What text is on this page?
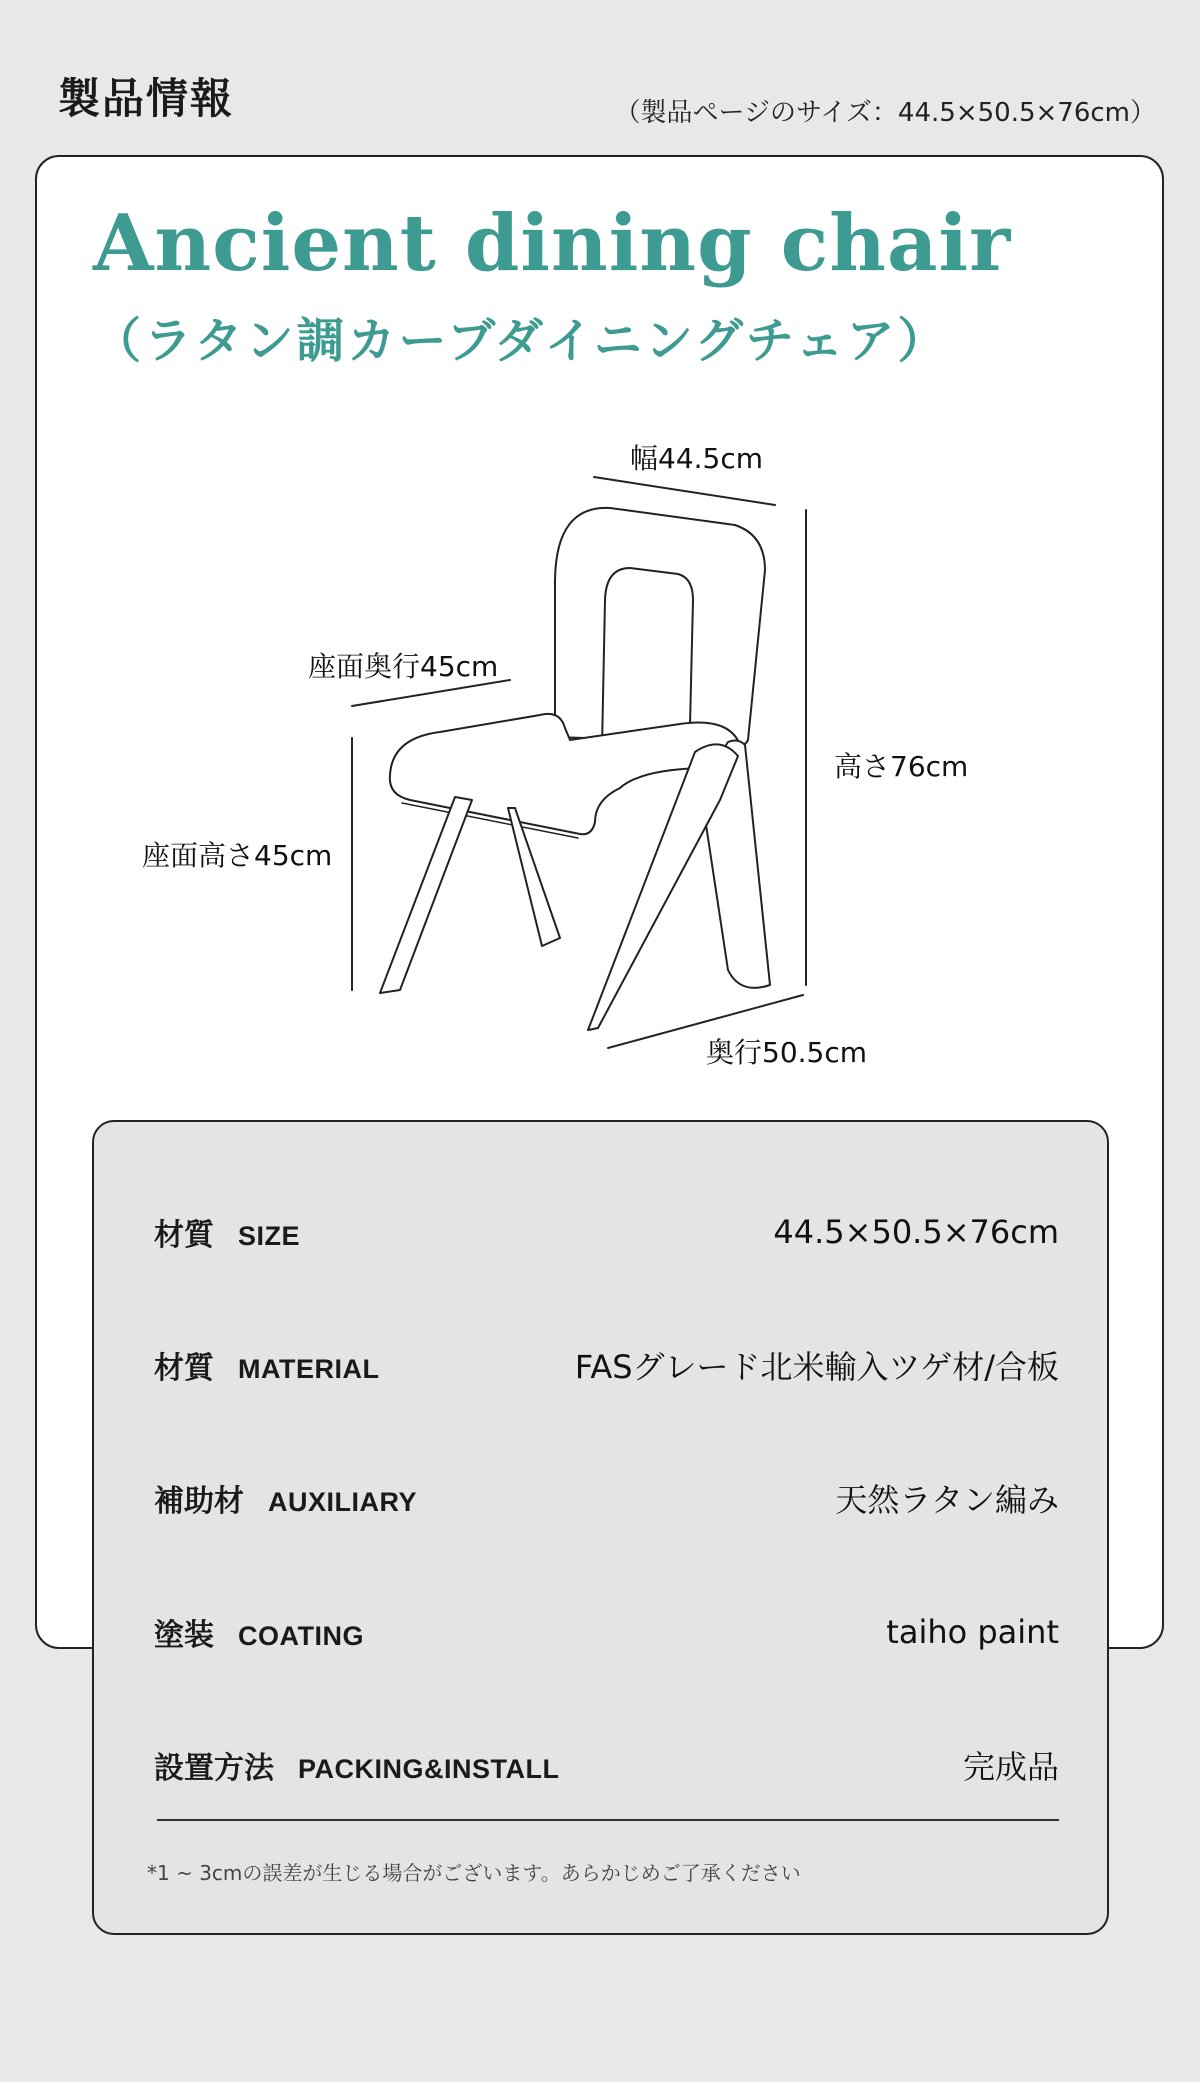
製品情報	（製品ページのサイズ：44.5×50.5×76cm）
Ancient dining chair
（ラタン調カーブダイニングチェア）
幅44.5cm
座面奥行45cm
高さ76cm
座面高さ45cm
奥行50.5cm
材質 SIZE	44.5×50.5×76cm
材質 MATERIAL	FASグレード北米輸入ツゲ材/合板
補助材 AUXILIARY	天然ラタン編み
塗装 COATING	taiho paint
設置方法 PACKING&INSTALL	完成品
*1 ~ 3cmの誤差が生じる場合がございます。あらかじめご了承ください
